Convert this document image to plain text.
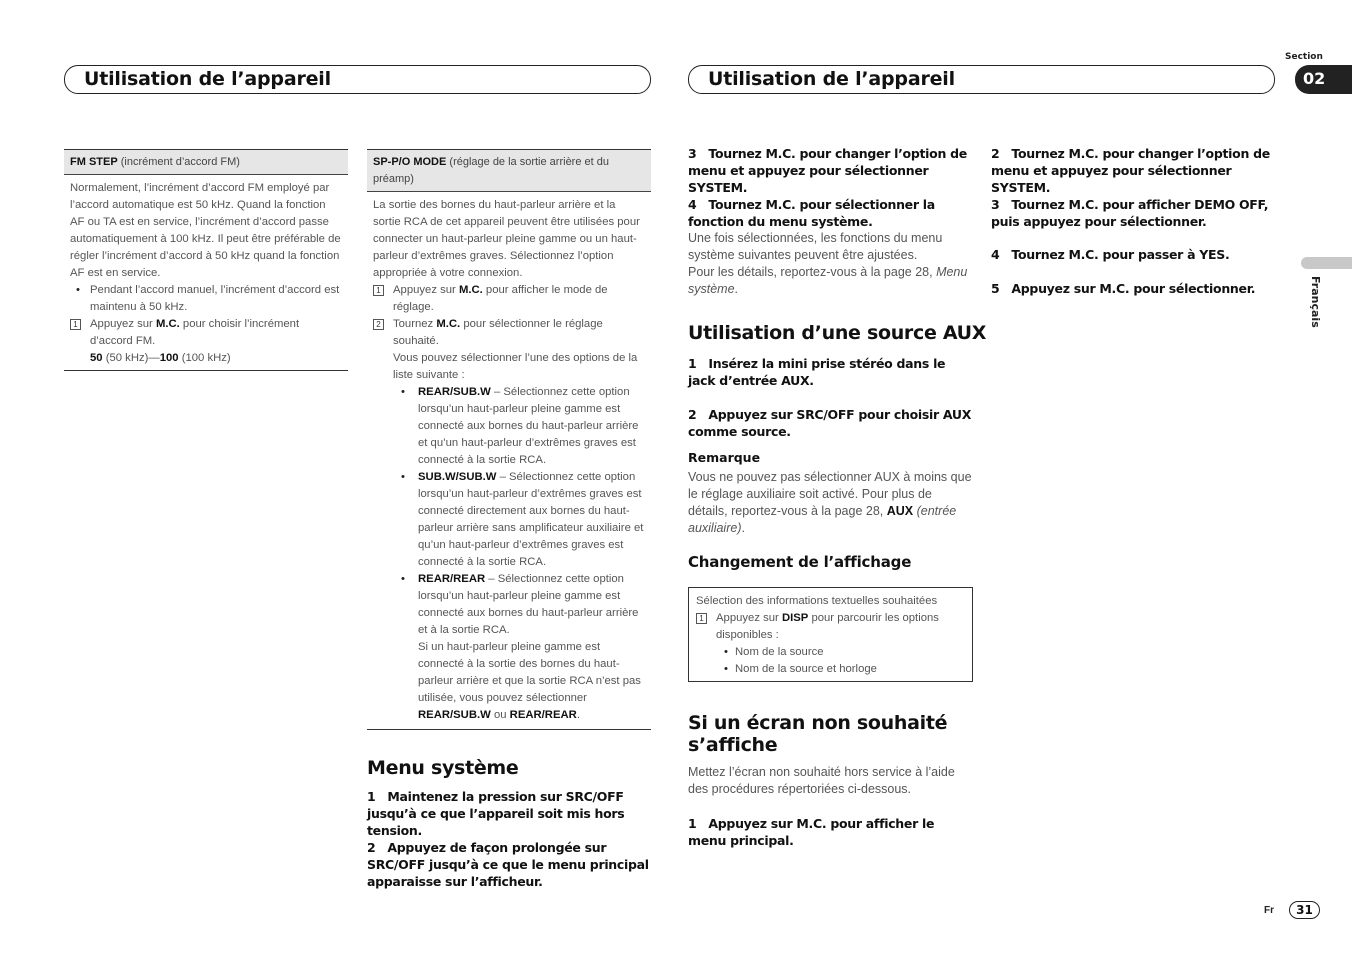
Utilisation de l’appareil	Utilisation de l’appareil
Section
02
Français
Fr	31
FM STEP (incrément d’accord FM)
Normalement, l’incrément d’accord FM employé par l’accord automatique est 50 kHz. Quand la fonction AF ou TA est en service, l’incrément d’accord passe automatiquement à 100 kHz. Il peut être préférable de régler l’incrément d’accord à 50 kHz quand la fonction AF est en service.
• Pendant l’accord manuel, l’incrément d’accord est maintenu à 50 kHz.
1 Appuyez sur M.C. pour choisir l’incrément d’accord FM.
50 (50 kHz)—100 (100 kHz)
SP-P/O MODE (réglage de la sortie arrière et du préamp)
La sortie des bornes du haut-parleur arrière et la sortie RCA de cet appareil peuvent être utilisées pour connecter un haut-parleur pleine gamme ou un haut-parleur d’extrêmes graves. Sélectionnez l’option appropriée à votre connexion.
1 Appuyez sur M.C. pour afficher le mode de réglage.
2 Tournez M.C. pour sélectionner le réglage souhaité.
Vous pouvez sélectionner l’une des options de la liste suivante :
• REAR/SUB.W – Sélectionnez cette option lorsqu’un haut-parleur pleine gamme est connecté aux bornes du haut-parleur arrière et qu’un haut-parleur d’extrêmes graves est connecté à la sortie RCA.
• SUB.W/SUB.W – Sélectionnez cette option lorsqu’un haut-parleur d’extrêmes graves est connecté directement aux bornes du haut-parleur arrière sans amplificateur auxiliaire et qu’un haut-parleur d’extrêmes graves est connecté à la sortie RCA.
• REAR/REAR – Sélectionnez cette option lorsqu’un haut-parleur pleine gamme est connecté aux bornes du haut-parleur arrière et à la sortie RCA.
Si un haut-parleur pleine gamme est connecté à la sortie des bornes du haut-parleur arrière et que la sortie RCA n’est pas utilisée, vous pouvez sélectionner REAR/SUB.W ou REAR/REAR.
Menu système
1 Maintenez la pression sur SRC/OFF jusqu’à ce que l’appareil soit mis hors tension.
2 Appuyez de façon prolongée sur SRC/OFF jusqu’à ce que le menu principal apparaisse sur l’afficheur.
3 Tournez M.C. pour changer l’option de menu et appuyez pour sélectionner SYSTEM.
4 Tournez M.C. pour sélectionner la fonction du menu système.
Une fois sélectionnées, les fonctions du menu système suivantes peuvent être ajustées.
Pour les détails, reportez-vous à la page 28, Menu système.
Utilisation d’une source AUX
1 Insérez la mini prise stéréo dans le jack d’entrée AUX.
2 Appuyez sur SRC/OFF pour choisir AUX comme source.
Remarque
Vous ne pouvez pas sélectionner AUX à moins que le réglage auxiliaire soit activé. Pour plus de détails, reportez-vous à la page 28, AUX (entrée auxiliaire).
Changement de l’affichage
Sélection des informations textuelles souhaitées
1 Appuyez sur DISP pour parcourir les options disponibles :
• Nom de la source
• Nom de la source et horloge
Si un écran non souhaité s’affiche
Mettez l’écran non souhaité hors service à l’aide des procédures répertoriées ci-dessous.
1 Appuyez sur M.C. pour afficher le menu principal.
2 Tournez M.C. pour changer l’option de menu et appuyez pour sélectionner SYSTEM.
3 Tournez M.C. pour afficher DEMO OFF, puis appuyez pour sélectionner.
4 Tournez M.C. pour passer à YES.
5 Appuyez sur M.C. pour sélectionner.
